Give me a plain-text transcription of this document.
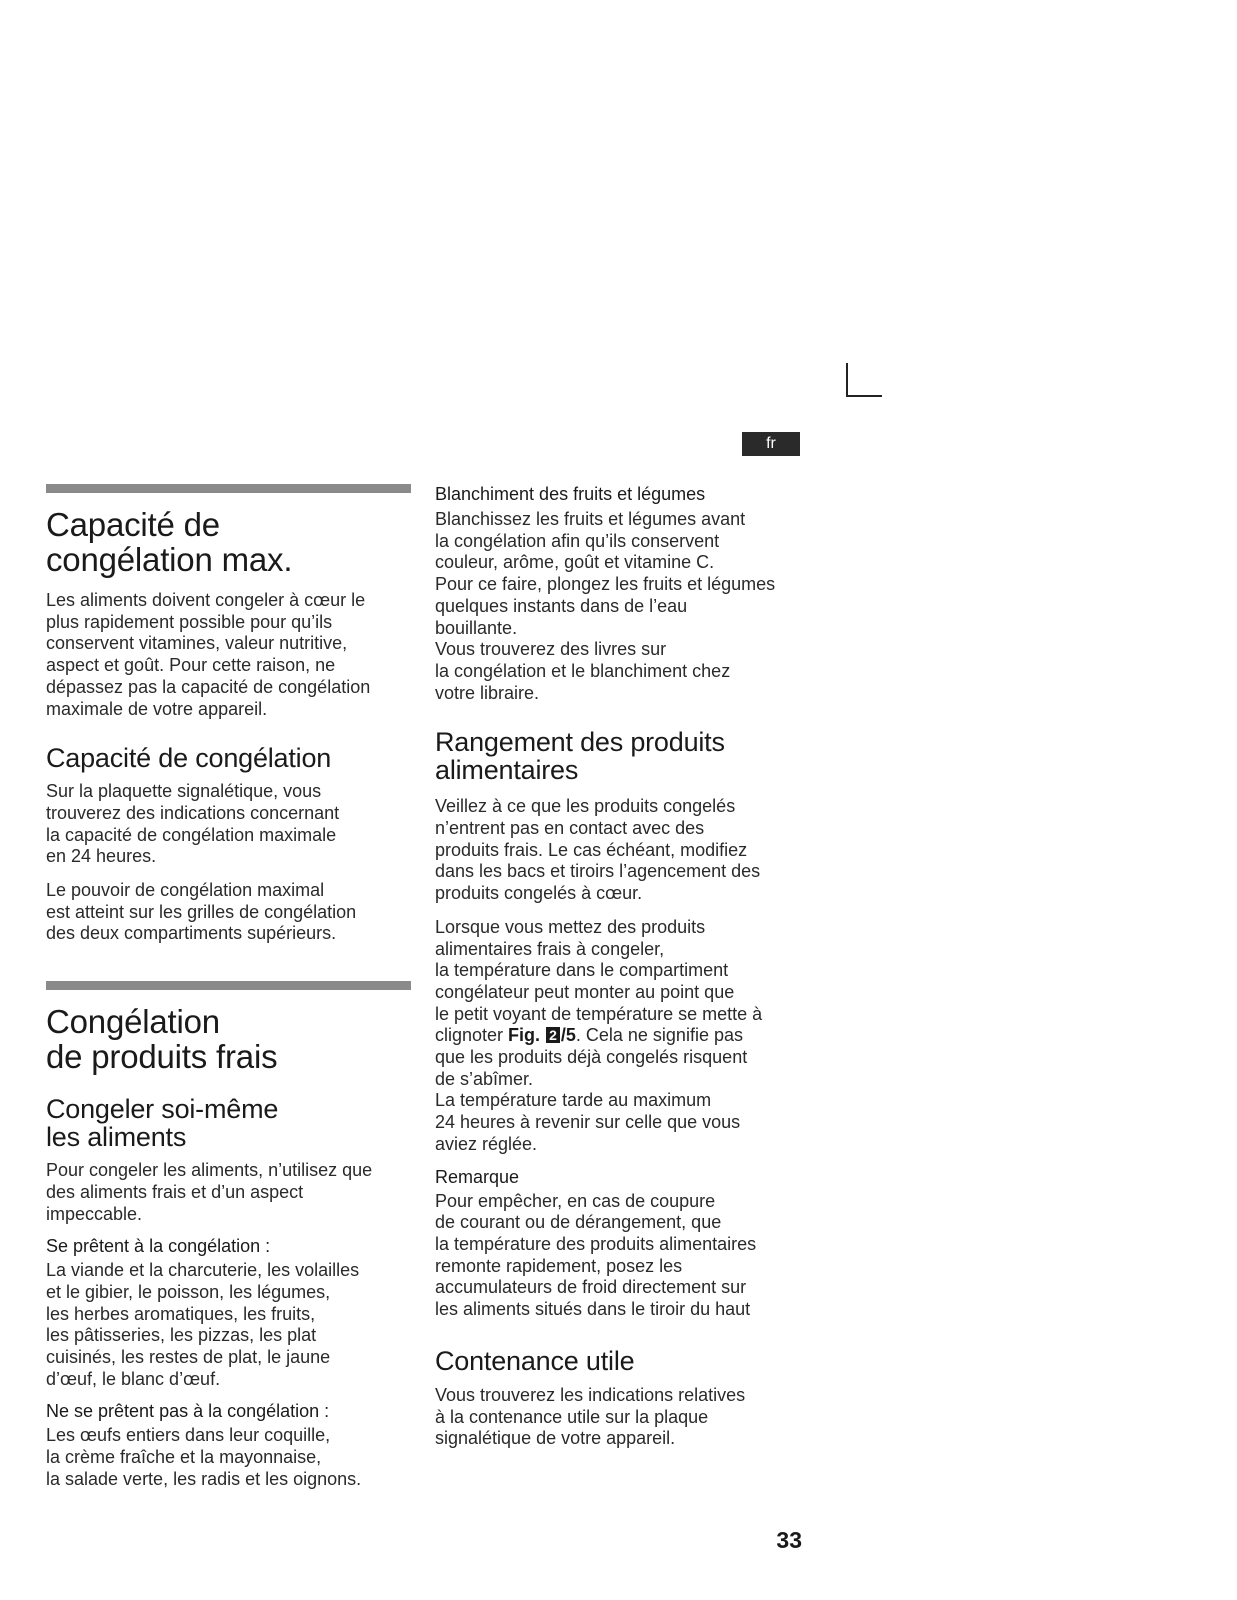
fr
Capacité de
congélation max.

Les aliments doivent congeler à cœur le
plus rapidement possible pour qu’ils
conservent vitamines, valeur nutritive,
aspect et goût. Pour cette raison, ne
dépassez pas la capacité de congélation
maximale de votre appareil.

Capacité de congélation

Sur la plaquette signalétique, vous
trouverez des indications concernant
la capacité de congélation maximale
en 24 heures.

Le pouvoir de congélation maximal
est atteint sur les grilles de congélation
des deux compartiments supérieurs.

Congélation
de produits frais
Congeler soi-même
les aliments

Pour congeler les aliments, n’utilisez que
des aliments frais et d’un aspect
impeccable.

Se prêtent à la congélation :

La viande et la charcuterie, les volailles
et le gibier, le poisson, les légumes,
les herbes aromatiques, les fruits,
les pâtisseries, les pizzas, les plat
cuisinés, les restes de plat, le jaune
d’œuf, le blanc d’œuf.

Ne se prêtent pas à la congélation :

Les œufs entiers dans leur coquille,
la crème fraîche et la mayonnaise,
la salade verte, les radis et les oignons.

Blanchiment des fruits et légumes

Blanchissez les fruits et légumes avant
la congélation afin qu’ils conservent
couleur, arôme, goût et vitamine C.
Pour ce faire, plongez les fruits et légumes
quelques instants dans de l’eau
bouillante.
Vous trouverez des livres sur
la congélation et le blanchiment chez
votre libraire.

Rangement des produits
alimentaires

Veillez à ce que les produits congelés
n’entrent pas en contact avec des
produits frais. Le cas échéant, modifiez
dans les bacs et tiroirs l’agencement des
produits congelés à cœur.

Lorsque vous mettez des produits
alimentaires frais à congeler,
la température dans le compartiment
congélateur peut monter au point que
le petit voyant de température se mette à
clignoter Fig. 2 /5. Cela ne signifie pas
que les produits déjà congelés risquent
de s’abîmer.
La température tarde au maximum
24 heures à revenir sur celle que vous
aviez réglée.

Remarque

Pour empêcher, en cas de coupure
de courant ou de dérangement, que
la température des produits alimentaires
remonte rapidement, posez les
accumulateurs de froid directement sur
les aliments situés dans le tiroir du haut

Contenance utile

Vous trouverez les indications relatives
à la contenance utile sur la plaque
signalétique de votre appareil.

33
